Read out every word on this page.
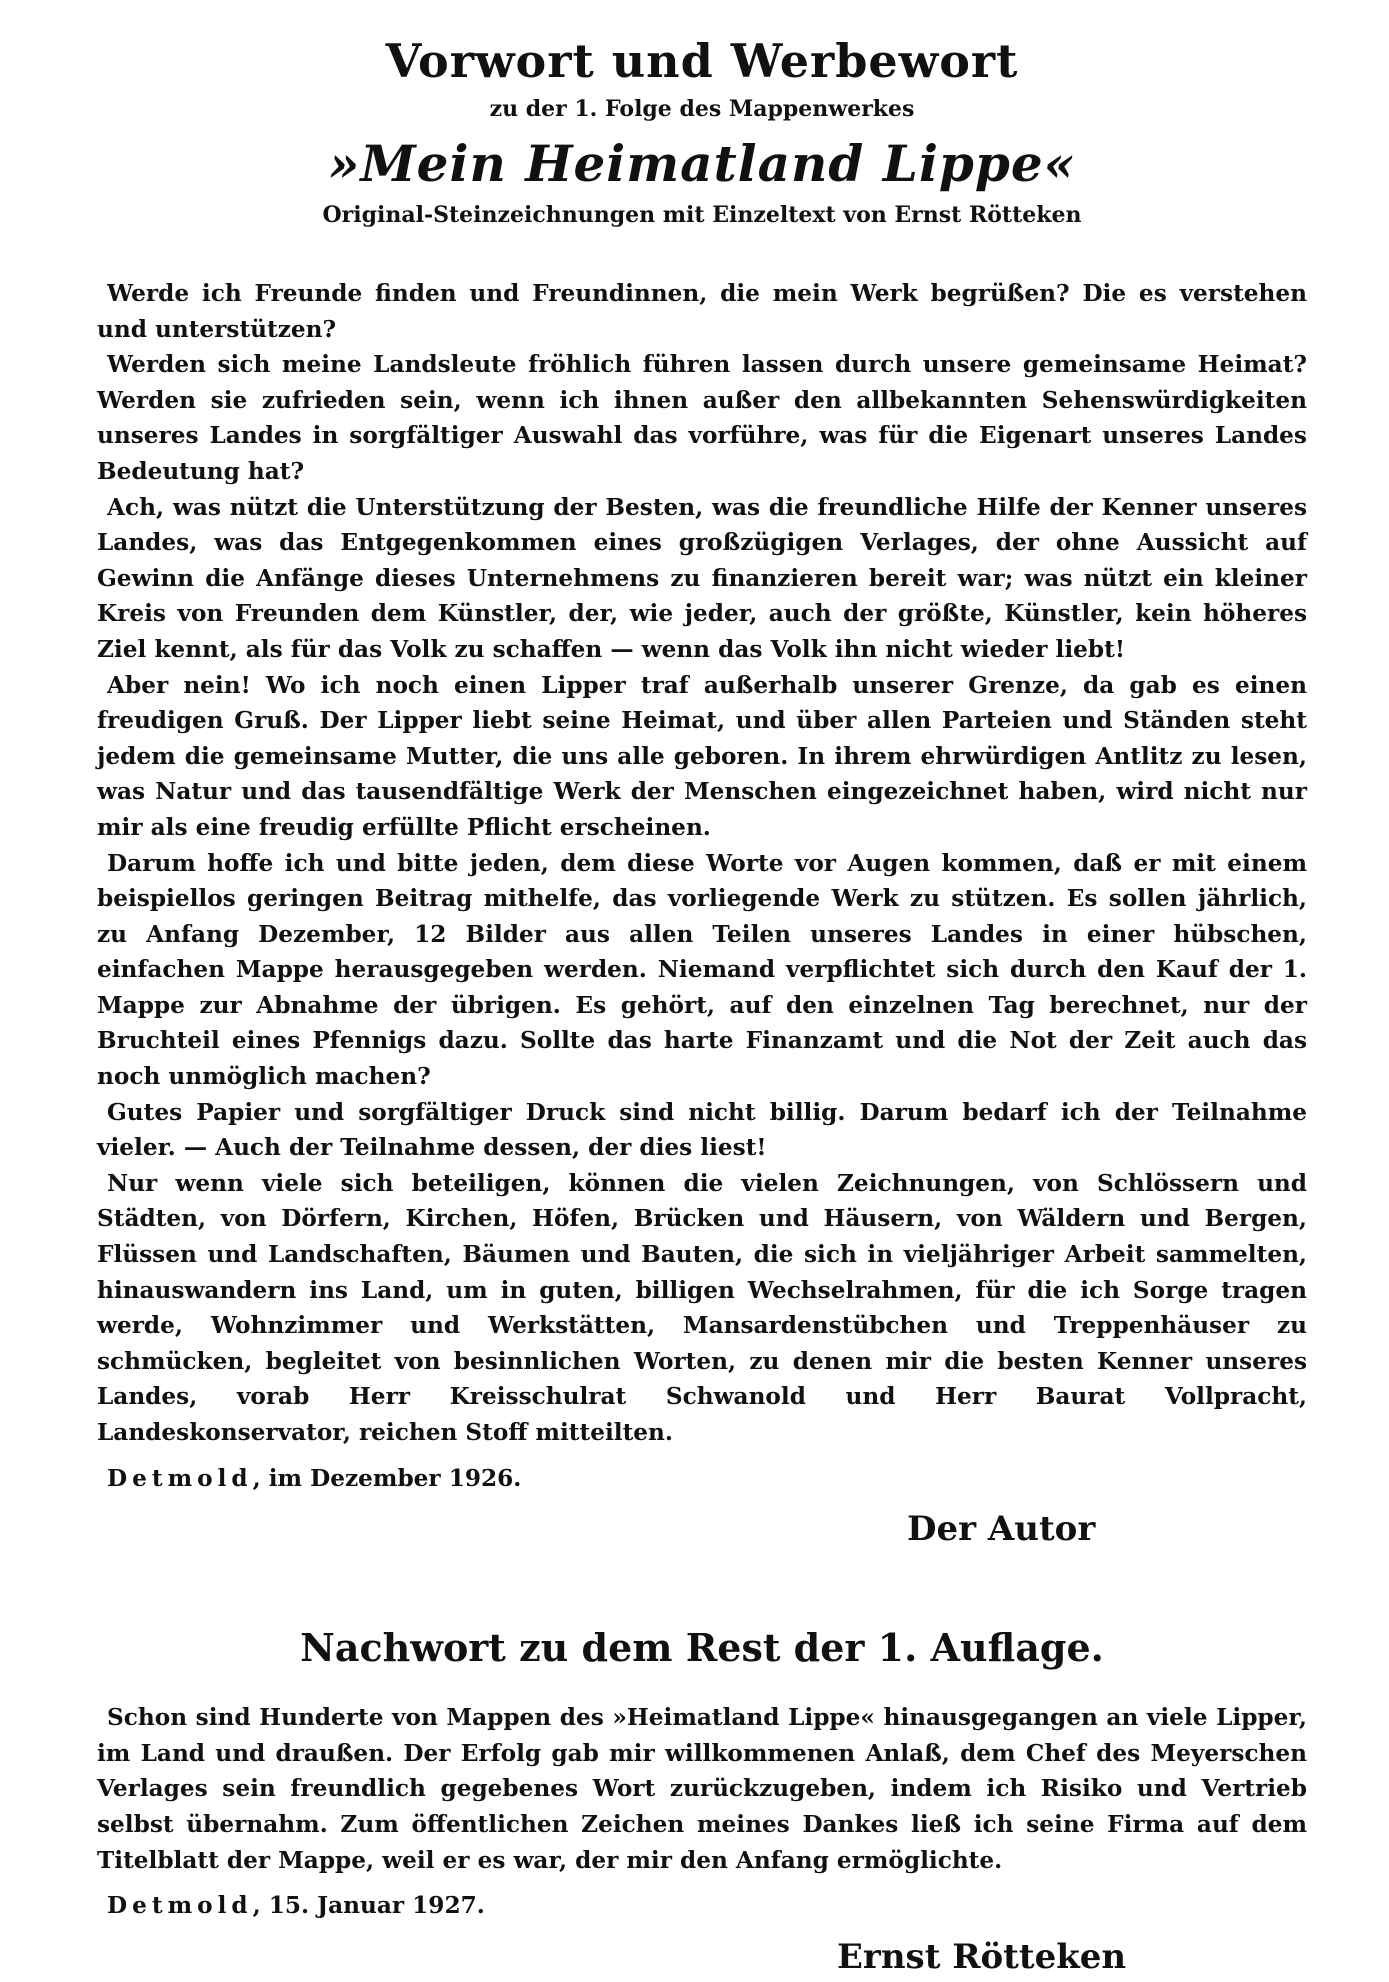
Vorwort und Werbewort

zu der 1. Folge des Mappenwerkes

»Mein Heimatland Lippe«

Original-Steinzeichnungen mit Einzeltext von Ernst Rötteken

Werde ich Freunde finden und Freundinnen, die mein Werk begrüßen? Die es verstehen und unterstützen?

Werden sich meine Landsleute fröhlich führen lassen durch unsere gemeinsame Heimat? Werden sie zufrieden sein, wenn ich ihnen außer den allbekannten Sehenswürdigkeiten unseres Landes in sorgfältiger Auswahl das vorführe, was für die Eigenart unseres Landes Bedeutung hat?

Ach, was nützt die Unterstützung der Besten, was die freundliche Hilfe der Kenner unseres Landes, was das Entgegenkommen eines großzügigen Verlages, der ohne Aussicht auf Gewinn die Anfänge dieses Unternehmens zu finanzieren bereit war; was nützt ein kleiner Kreis von Freunden dem Künstler, der, wie jeder, auch der größte, Künstler, kein höheres Ziel kennt, als für das Volk zu schaffen — wenn das Volk ihn nicht wieder liebt!

Aber nein! Wo ich noch einen Lipper traf außerhalb unserer Grenze, da gab es einen freudigen Gruß. Der Lipper liebt seine Heimat, und über allen Parteien und Ständen steht jedem die gemeinsame Mutter, die uns alle geboren. In ihrem ehrwürdigen Antlitz zu lesen, was Natur und das tausendfältige Werk der Menschen eingezeichnet haben, wird nicht nur mir als eine freudig erfüllte Pflicht erscheinen.

Darum hoffe ich und bitte jeden, dem diese Worte vor Augen kommen, daß er mit einem beispiellos geringen Beitrag mithelfe, das vorliegende Werk zu stützen. Es sollen jährlich, zu Anfang Dezember, 12 Bilder aus allen Teilen unseres Landes in einer hübschen, einfachen Mappe herausgegeben werden. Niemand verpflichtet sich durch den Kauf der 1. Mappe zur Abnahme der übrigen. Es gehört, auf den einzelnen Tag berechnet, nur der Bruchteil eines Pfennigs dazu. Sollte das harte Finanzamt und die Not der Zeit auch das noch unmöglich machen?

Gutes Papier und sorgfältiger Druck sind nicht billig. Darum bedarf ich der Teilnahme vieler. — Auch der Teilnahme dessen, der dies liest!

Nur wenn viele sich beteiligen, können die vielen Zeichnungen, von Schlössern und Städten, von Dörfern, Kirchen, Höfen, Brücken und Häusern, von Wäldern und Bergen, Flüssen und Landschaften, Bäumen und Bauten, die sich in vieljähriger Arbeit sammelten, hinauswandern ins Land, um in guten, billigen Wechselrahmen, für die ich Sorge tragen werde, Wohnzimmer und Werkstätten, Mansardenstübchen und Treppenhäuser zu schmücken, begleitet von besinnlichen Worten, zu denen mir die besten Kenner unseres Landes, vorab Herr Kreisschulrat Schwanold und Herr Baurat Vollpracht, Landeskonservator, reichen Stoff mitteilten.

Detmold, im Dezember 1926.

Der Autor

Nachwort zu dem Rest der 1. Auflage.

Schon sind Hunderte von Mappen des »Heimatland Lippe« hinausgegangen an viele Lipper, im Land und draußen. Der Erfolg gab mir willkommenen Anlaß, dem Chef des Meyerschen Verlages sein freundlich gegebenes Wort zurückzugeben, indem ich Risiko und Vertrieb selbst übernahm. Zum öffentlichen Zeichen meines Dankes ließ ich seine Firma auf dem Titelblatt der Mappe, weil er es war, der mir den Anfang ermöglichte.

Detmold, 15. Januar 1927.

Ernst Rötteken
